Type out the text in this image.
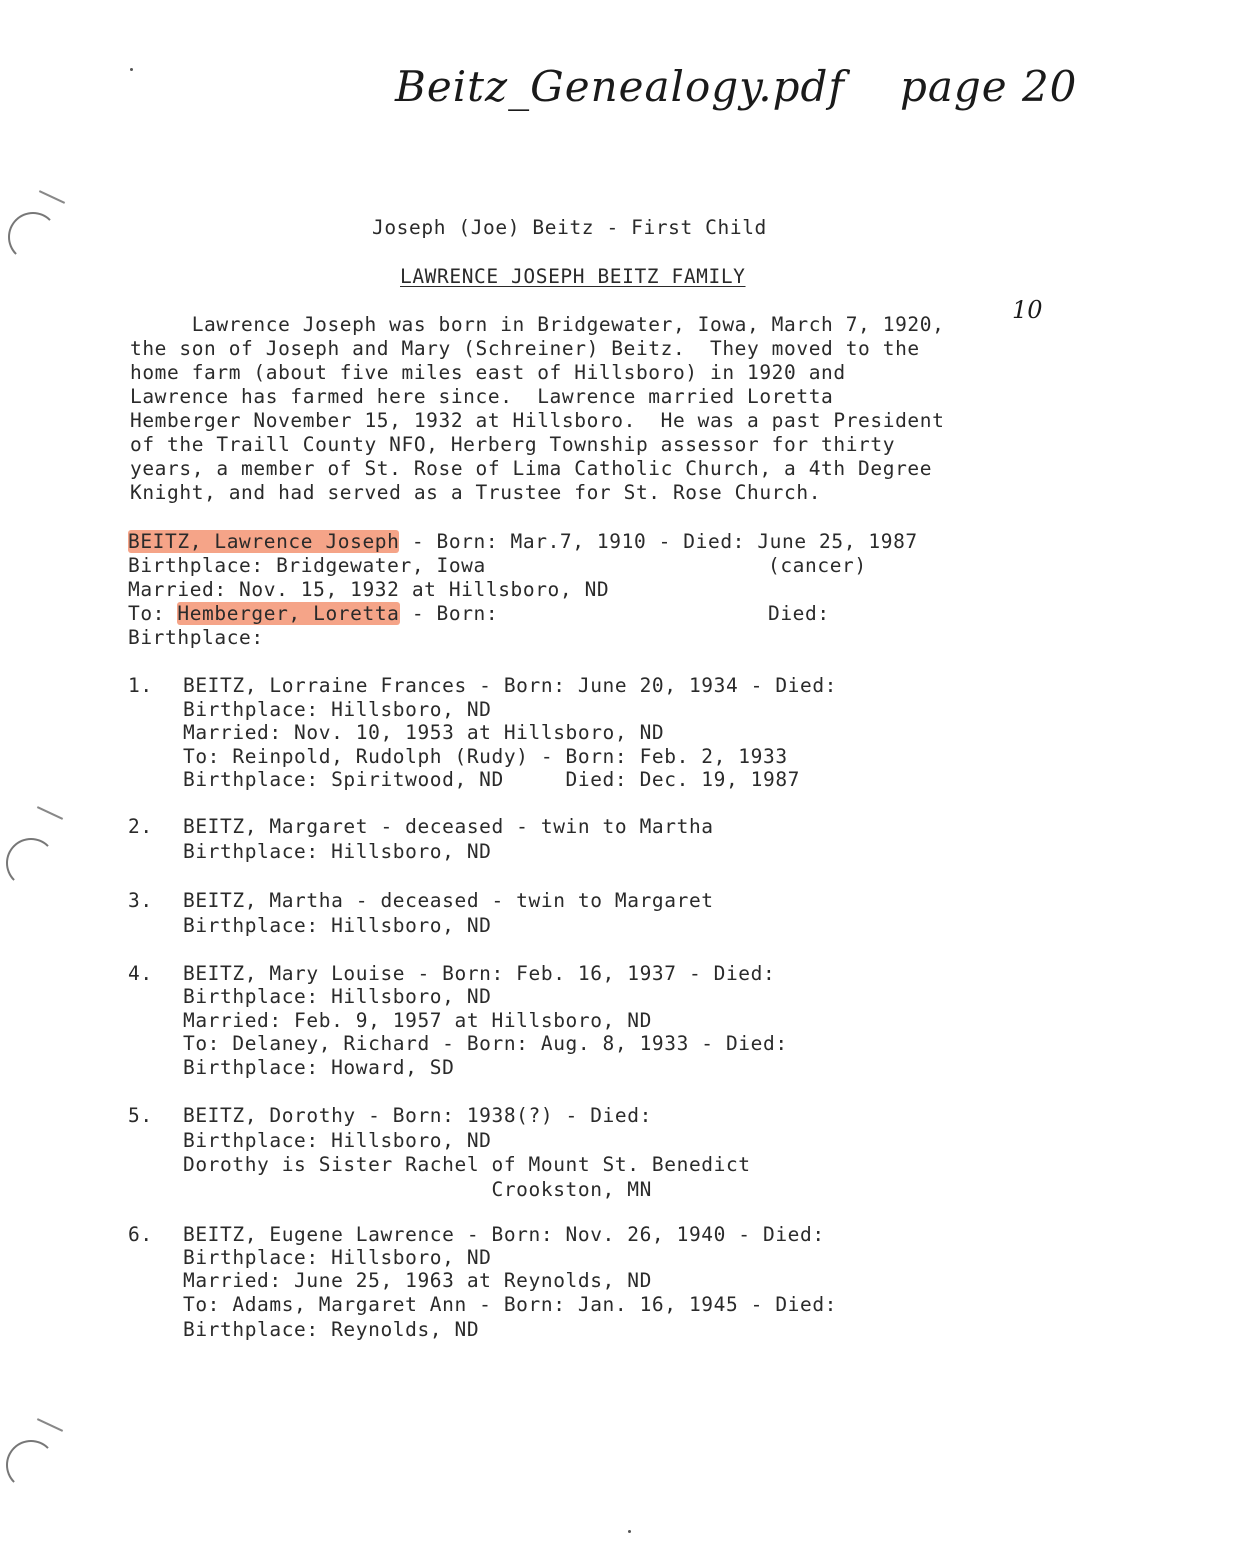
Beitz_Genealogy.pdf page 20
Joseph (Joe) Beitz - First Child
LAWRENCE JOSEPH BEITZ FAMILY
Lawrence Joseph was born in Bridgewater, Iowa, March 7, 1920,
the son of Joseph and Mary (Schreiner) Beitz.  They moved to the
home farm (about five miles east of Hillsboro) in 1920 and
Lawrence has farmed here since.  Lawrence married Loretta
Hemberger November 15, 1932 at Hillsboro.  He was a past President
of the Traill County NFO, Herberg Township assessor for thirty
years, a member of St. Rose of Lima Catholic Church, a 4th Degree
Knight, and had served as a Trustee for St. Rose Church.
10
BEITZ, Lawrence Joseph - Born: Mar.7, 1910 - Died: June 25, 1987
Birthplace: Bridgewater, Iowa	(cancer)
Married: Nov. 15, 1932 at Hillsboro, ND
To: Hemberger, Loretta - Born:	Died:
Birthplace:
1. BEITZ, Lorraine Frances - Born: June 20, 1934 - Died:
Birthplace: Hillsboro, ND
Married: Nov. 10, 1953 at Hillsboro, ND
To: Reinpold, Rudolph (Rudy) - Born: Feb. 2, 1933
Birthplace: Spiritwood, ND     Died: Dec. 19, 1987
2. BEITZ, Margaret - deceased - twin to Martha
Birthplace: Hillsboro, ND
3. BEITZ, Martha - deceased - twin to Margaret
Birthplace: Hillsboro, ND
4. BEITZ, Mary Louise - Born: Feb. 16, 1937 - Died:
Birthplace: Hillsboro, ND
Married: Feb. 9, 1957 at Hillsboro, ND
To: Delaney, Richard - Born: Aug. 8, 1933 - Died:
Birthplace: Howard, SD
5. BEITZ, Dorothy - Born: 1938(?) - Died:
Birthplace: Hillsboro, ND
Dorothy is Sister Rachel of Mount St. Benedict
Crookston, MN
6. BEITZ, Eugene Lawrence - Born: Nov. 26, 1940 - Died:
Birthplace: Hillsboro, ND
Married: June 25, 1963 at Reynolds, ND
To: Adams, Margaret Ann - Born: Jan. 16, 1945 - Died:
Birthplace: Reynolds, ND
